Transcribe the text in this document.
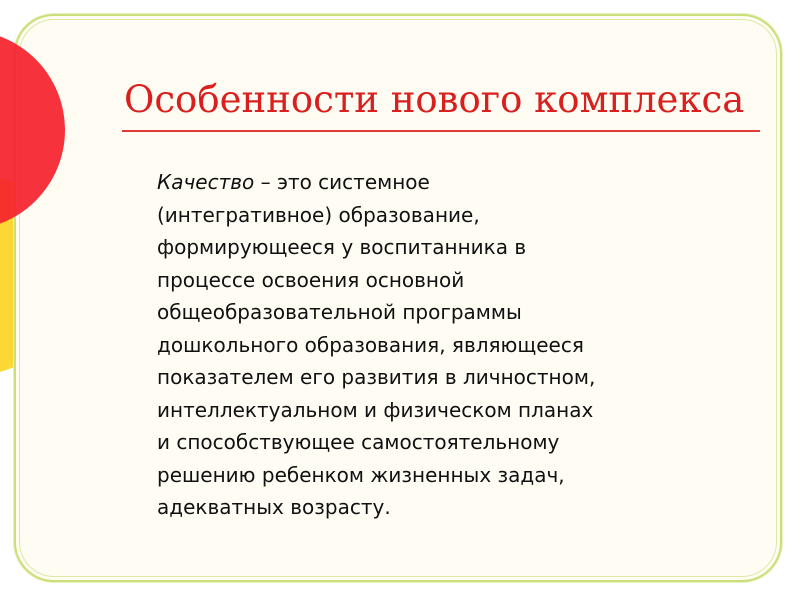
Особенности нового комплекса

Качество – это системное
(интегративное) образование,
формирующееся у воспитанника в
процессе освоения основной
общеобразовательной программы
дошкольного образования, являющееся
показателем его развития в личностном,
интеллектуальном и физическом планах
и способствующее самостоятельному
решению ребенком жизненных задач,
адекватных возрасту.
